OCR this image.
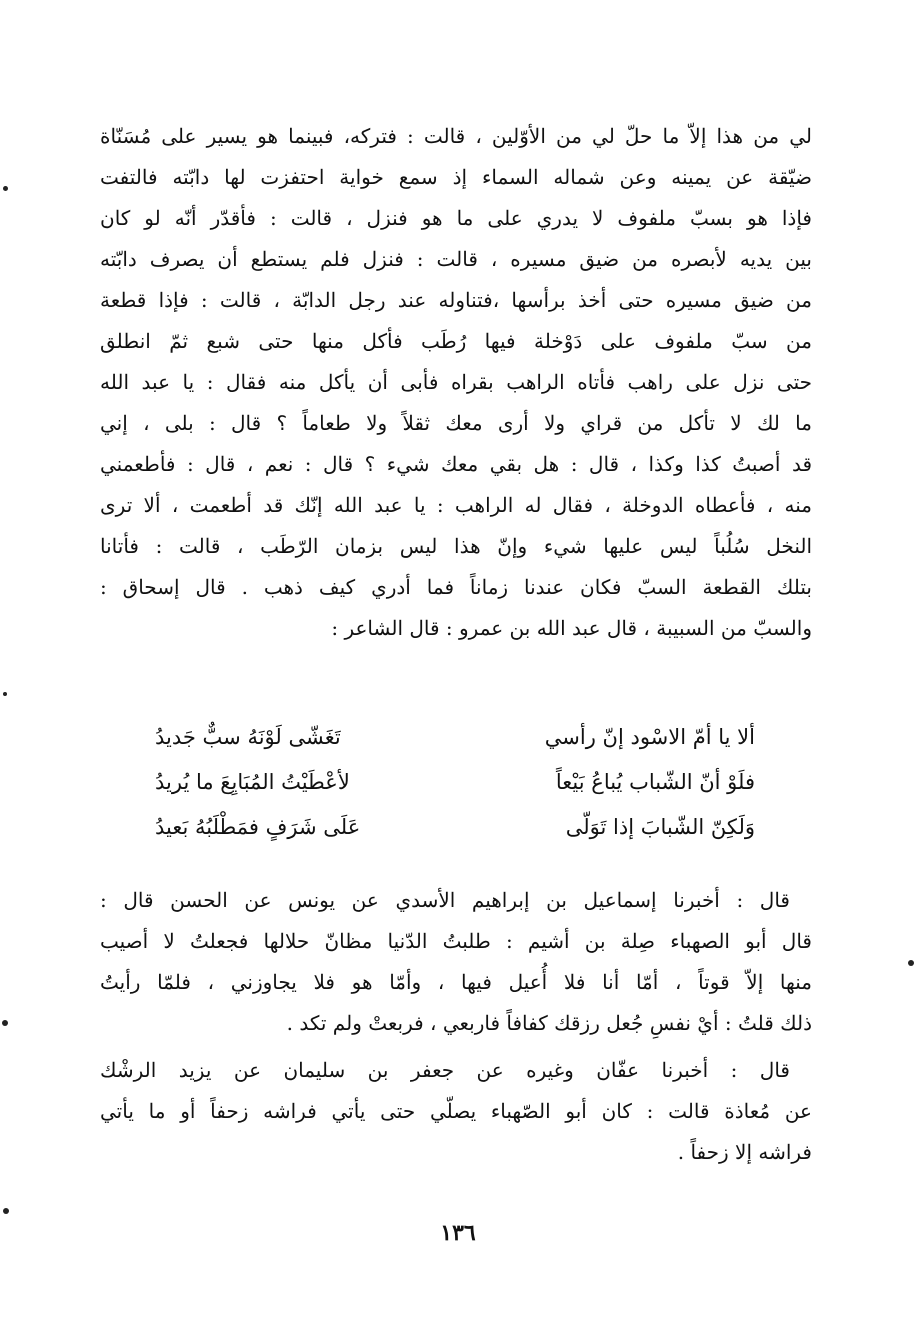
لي من هذا إلاّ ما حلّ لي من الأوّلين ، قالت : فتركه، فبينما هو يسير على مُسَنّاة
ضيّقة عن يمينه وعن شماله السماء إذ سمع خواية احتفزت لها دابّته فالتفت
فإذا هو بسبّ ملفوف لا يدري على ما هو فنزل ، قالت : فأقدّر أنّه لو كان
بين يديه لأبصره من ضيق مسيره ، قالت : فنزل فلم يستطع أن يصرف دابّته
من ضيق مسيره حتى أخذ برأسها ،فتناوله عند رجل الدابّة ، قالت : فإذا قطعة
من سبّ ملفوف على دَوْخلة فيها رُطَب فأكل منها حتى شبع ثمّ انطلق
حتى نزل على راهب فأتاه الراهب بقراه فأبى أن يأكل منه فقال : يا عبد الله
ما لك لا تأكل من قراي ولا أرى معك ثقلاً ولا طعاماً ؟ قال : بلى ، إني
قد أصبتُ كذا وكذا ، قال : هل بقي معك شيء ؟ قال : نعم ، قال : فأطعمني
منه ، فأعطاه الدوخلة ، فقال له الراهب : يا عبد الله إنّك قد أطعمت ، ألا ترى
النخل سُلُباً ليس عليها شيء وإنّ هذا ليس بزمان الرّطَب ، قالت : فأتانا
بتلك القطعة السبّ فكان عندنا زماناً فما أدري كيف ذهب . قال إسحاق :
والسبّ من السبيبة ، قال عبد الله بن عمرو : قال الشاعر :
ألا يا أمّ الاسْود إنّ رأسي
تَغَشّى لَوْنَهُ سبٌّ جَديدُ
فلَوْ أنّ الشّباب يُباعُ بَيْعاً
لأعْطَيْتُ المُبَايِعَ ما يُريدُ
وَلَكِنّ الشّبابَ إذا تَوَلّى
عَلَى شَرَفٍ فمَطْلَبُهُ بَعيدُ
قال : أخبرنا إسماعيل بن إبراهيم الأسدي عن يونس عن الحسن قال :
قال أبو الصهباء صِلة بن أشيم : طلبتُ الدّنيا مظانّ حلالها فجعلتُ لا أصيب
منها إلاّ قوتاً ، أمّا أنا فلا أُعيل فيها ، وأمّا هو فلا يجاوزني ، فلمّا رأيتُ
ذلك قلتُ : أيْ نفسِ جُعل رزقك كفافاً فاربعي ، فربعتْ ولم تكد .
قال : أخبرنا عفّان وغيره عن جعفر بن سليمان عن يزيد الرشْك
عن مُعاذة قالت : كان أبو الصّهباء يصلّي حتى يأتي فراشه زحفاً أو ما يأتي
فراشه إلا زحفاً .
١٣٦
